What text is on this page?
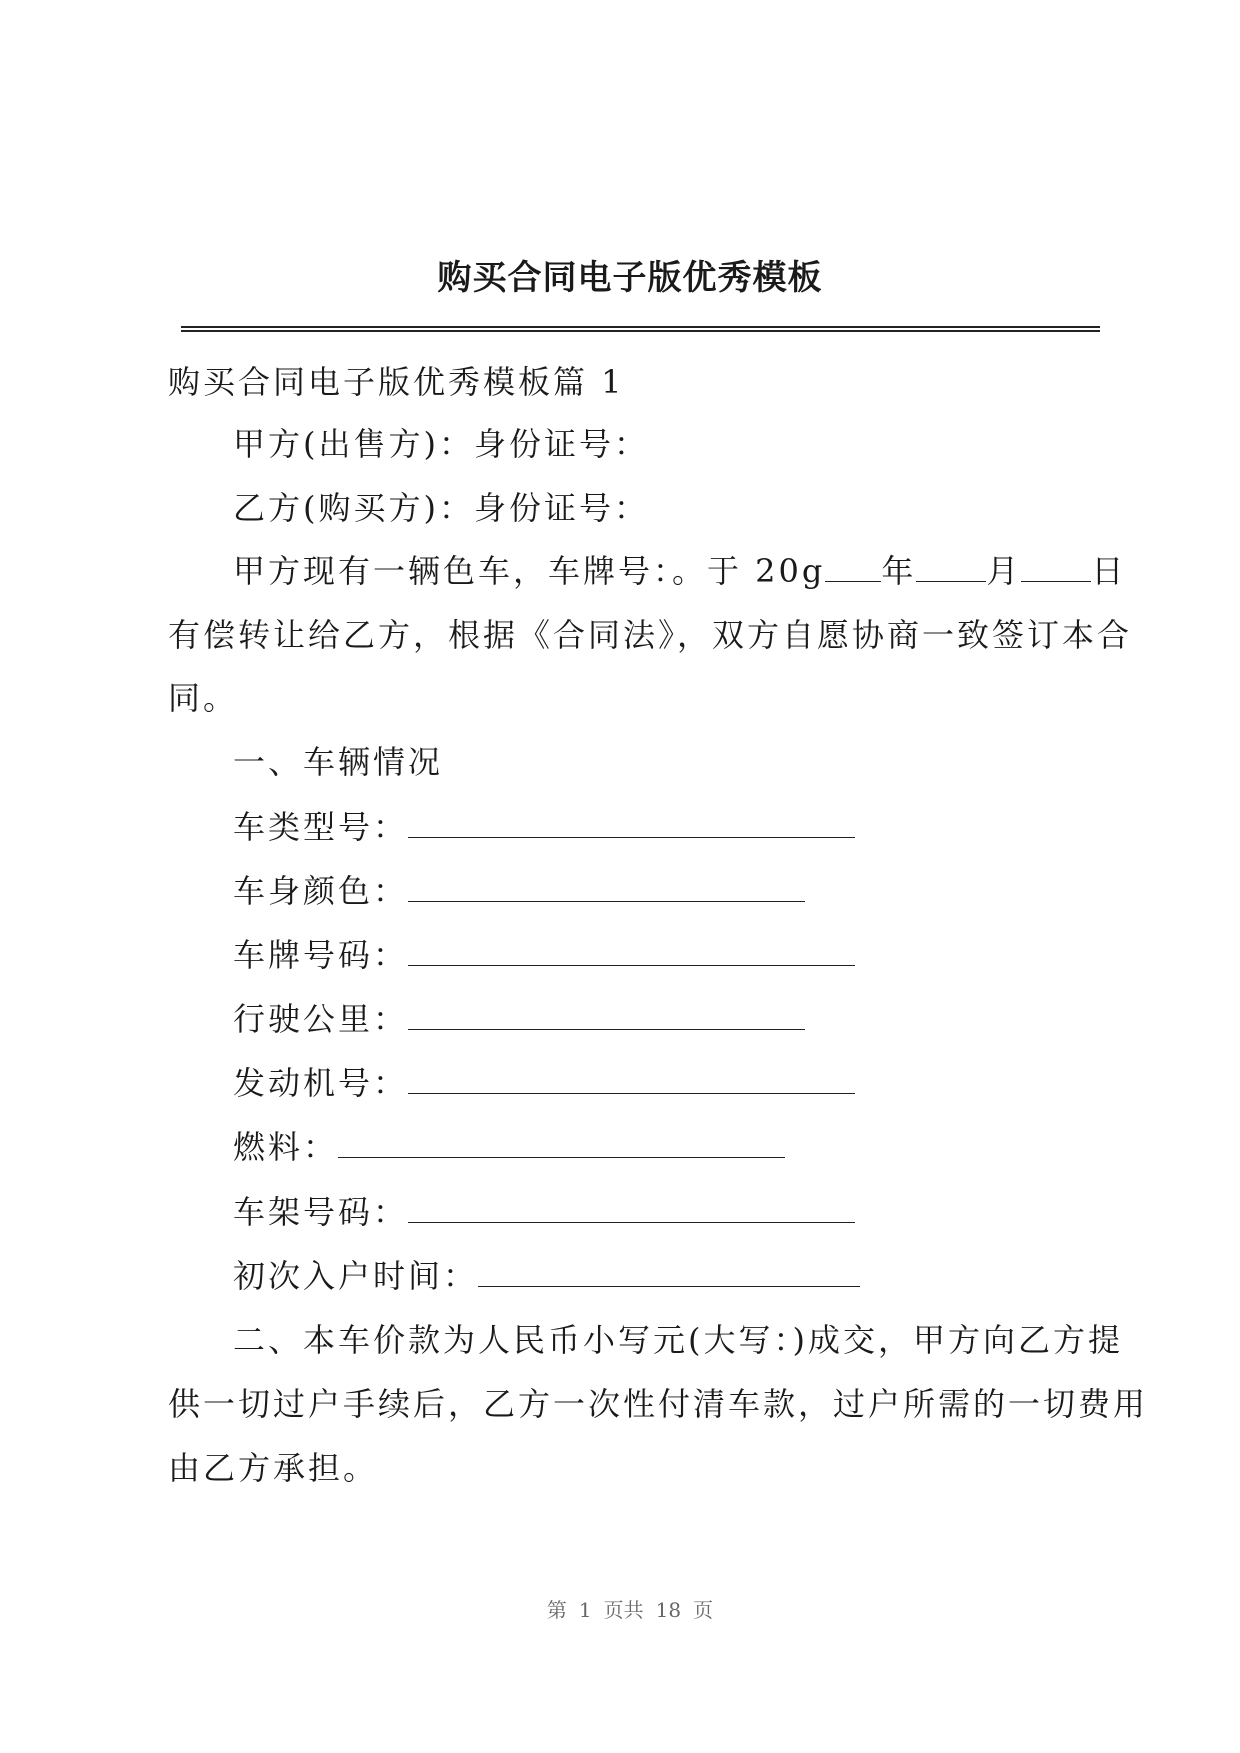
购买合同电子版优秀模板
购买合同电子版优秀模板篇 1
甲方(出售方)：身份证号：
乙方(购买方)：身份证号：
甲方现有一辆色车，车牌号：。于 20g 年 月 日
有偿转让给乙方，根据《合同法》，双方自愿协商一致签订本合
同。
一、车辆情况
车类型号：
车身颜色：
车牌号码：
行驶公里：
发动机号：
燃料：
车架号码：
初次入户时间：
二、本车价款为人民币小写元(大写：)成交，甲方向乙方提
供一切过户手续后，乙方一次性付清车款，过户所需的一切费用
由乙方承担。
第 1 页共 18 页
